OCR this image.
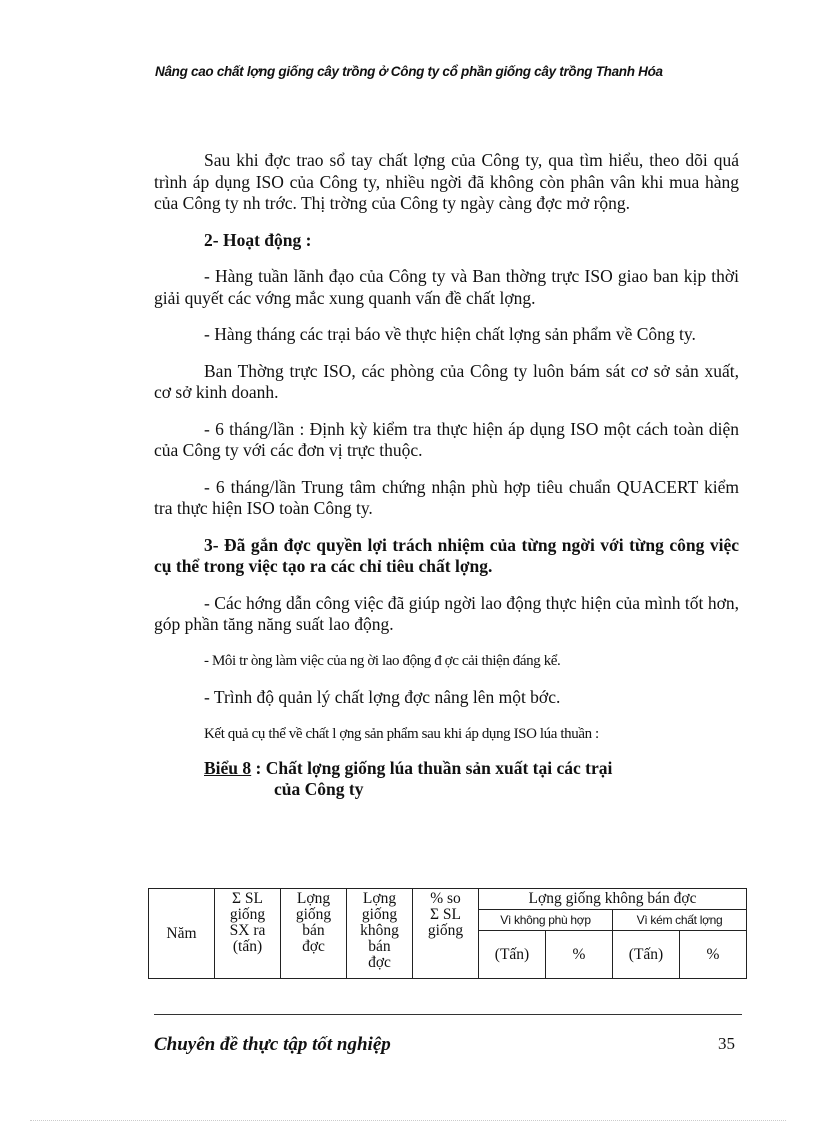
Nâng cao chất lợng giống cây trồng ở Công ty cổ phần giống cây trồng Thanh Hóa

Sau khi đợc trao sổ tay chất lợng của Công ty, qua tìm hiểu, theo dõi quá trình áp dụng ISO của Công ty, nhiều ngời đã không còn phân vân khi mua hàng của Công ty nh trớc. Thị trờng của Công ty ngày càng đợc mở rộng.

2- Hoạt động :

- Hàng tuần lãnh đạo của Công ty và Ban thờng trực ISO giao ban kịp thời giải quyết các vớng mắc xung quanh vấn đề chất lợng.

- Hàng tháng các trại báo về thực hiện chất lợng sản phẩm về Công ty.

Ban Thờng trực ISO, các phòng của Công ty luôn bám sát cơ sở sản xuất, cơ sở kinh doanh.

- 6 tháng/lần : Định kỳ kiểm tra thực hiện áp dụng ISO một cách toàn diện của Công ty với các đơn vị trực thuộc.

- 6 tháng/lần Trung tâm chứng nhận phù hợp tiêu chuẩn QUACERT kiểm tra thực hiện ISO toàn Công ty.

3- Đã gắn đợc quyền lợi trách nhiệm của từng ngời với từng công việc cụ thể trong việc tạo ra các chỉ tiêu chất lợng.

- Các hớng dẫn công việc đã giúp ngời lao động thực hiện của mình tốt hơn, góp phần tăng năng suất lao động.

- Môi tr òng làm việc của ng ời lao động đ ợc cải thiện đáng kể.

- Trình độ quản lý chất lợng đợc nâng lên một bớc.

Kết quả cụ thể về chất l ợng sản phẩm sau khi áp dụng ISO lúa thuần :

Biểu 8 : Chất lợng giống lúa thuần sản xuất tại các trại
của Công ty
Năm	Σ SL
giống
SX ra
(tấn)	Lợng
giống
bán
đợc	Lợng
giống
không
bán
đợc	% so
Σ SL
giống	Lợng giống không bán đợc			
					Vì không phù hợp		Vì kém chất lợng	
					(Tấn)	%	(Tấn)	%
Chuyên đề thực tập tốt nghiệp	35
